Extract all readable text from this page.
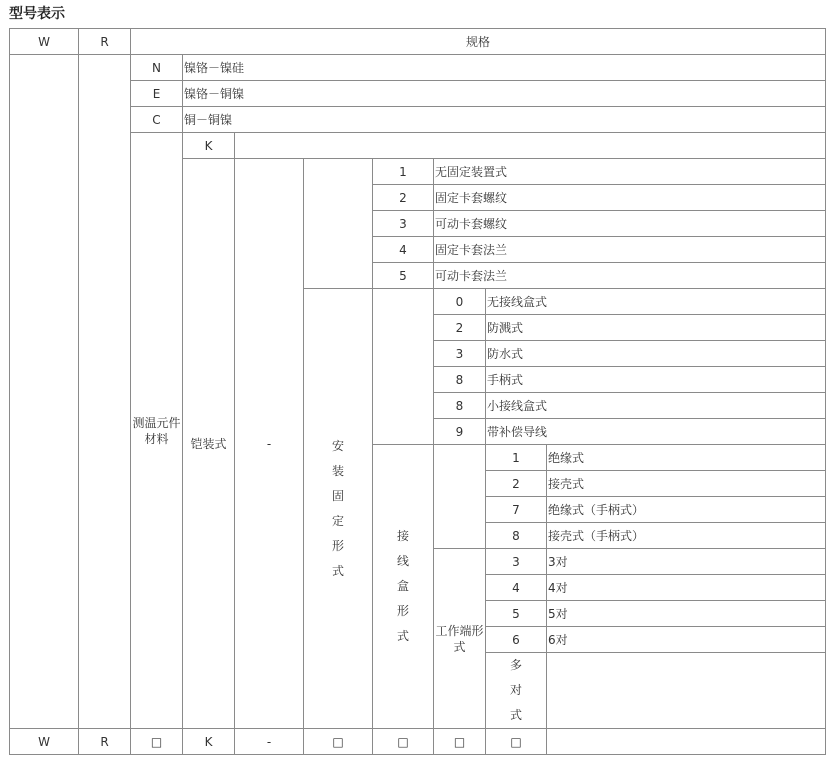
型号表示
W	R	规格							
		N	镍铬－镍硅						
		E	镍铬－铜镍						
		C	铜－铜镍						
		测温元件材料	K						
			铠装式	-		1	无固定装置式		
						2	固定卡套螺纹		
						3	可动卡套螺纹		
						4	固定卡套法兰		
						5	可动卡套法兰		
					安装固定形式		0	无接线盒式	
							2	防溅式	
							3	防水式	
							8	手柄式	
							8	小接线盒式	
							9	带补偿导线	
						接线盒形式		1	绝缘式
								2	接壳式
								7	绝缘式（手柄式）
								8	接壳式（手柄式）
							工作端形式	3	3对
								4	4对
								5	5对
								6	6对
								多对式	

W	R	□	K	-	□	□	□	□	
